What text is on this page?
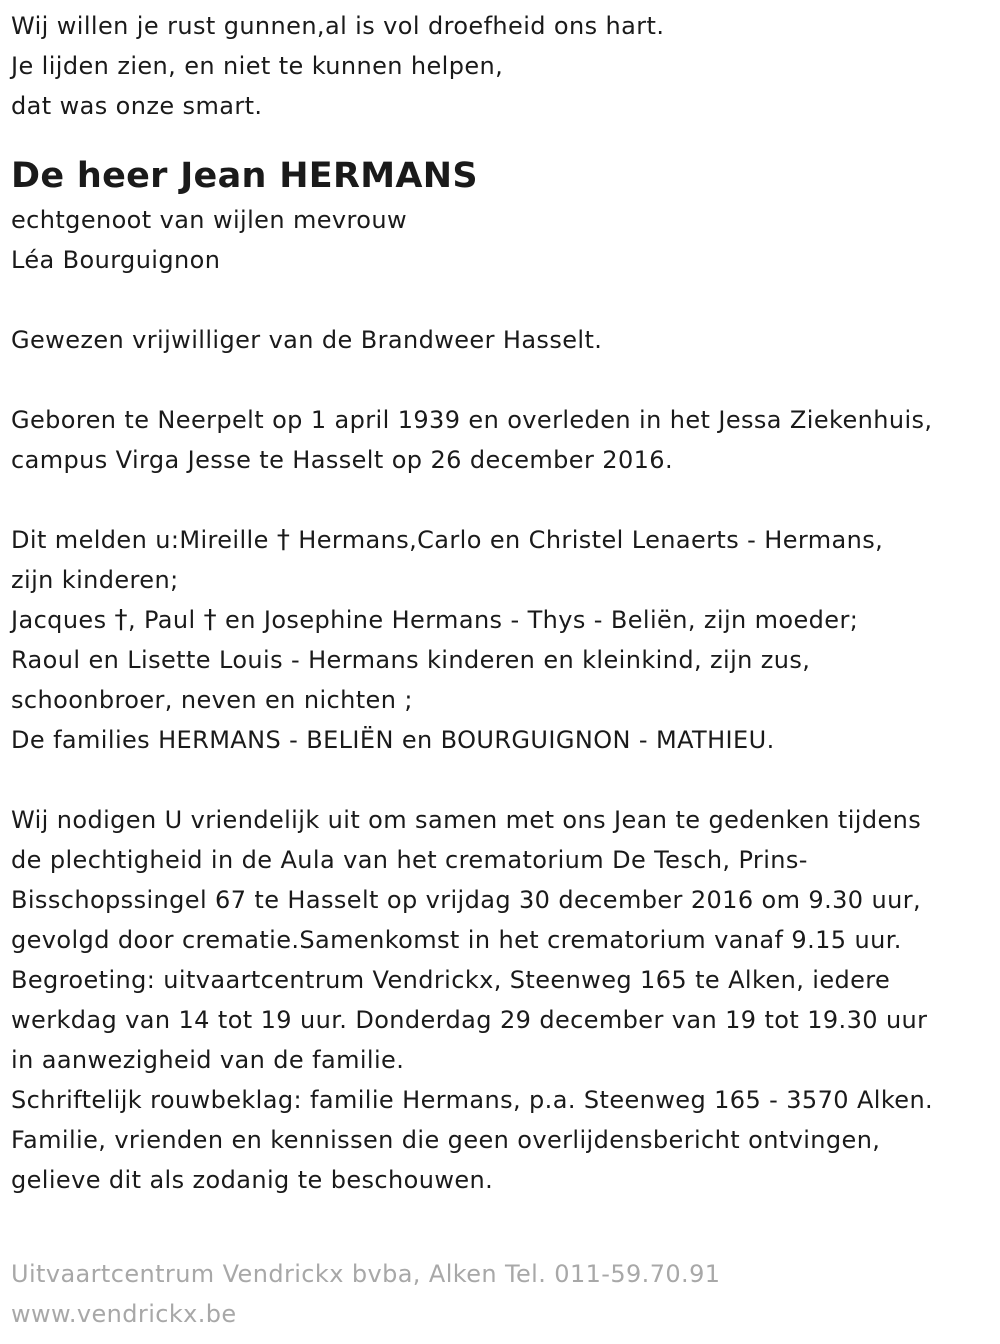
Wij willen je rust gunnen,al is vol droefheid ons hart.
Je lijden zien, en niet te kunnen helpen,
dat was onze smart.
De heer Jean HERMANS
echtgenoot van wijlen mevrouw
Léa Bourguignon
Gewezen vrijwilliger van de Brandweer Hasselt.
Geboren te Neerpelt op 1 april 1939 en overleden in het Jessa Ziekenhuis,
campus Virga Jesse te Hasselt op 26 december 2016.
Dit melden u:Mireille † Hermans,Carlo en Christel Lenaerts - Hermans,
zijn kinderen;
Jacques †, Paul † en Josephine Hermans - Thys - Beliën, zijn moeder;
Raoul en Lisette Louis - Hermans kinderen en kleinkind, zijn zus,
schoonbroer, neven en nichten ;
De families HERMANS - BELIËN en BOURGUIGNON - MATHIEU.
Wij nodigen U vriendelijk uit om samen met ons Jean te gedenken tijdens
de plechtigheid in de Aula van het crematorium De Tesch, Prins-
Bisschopssingel 67 te Hasselt op vrijdag 30 december 2016 om 9.30 uur,
gevolgd door crematie.Samenkomst in het crematorium vanaf 9.15 uur.
Begroeting: uitvaartcentrum Vendrickx, Steenweg 165 te Alken, iedere
werkdag van 14 tot 19 uur. Donderdag 29 december van 19 tot 19.30 uur
in aanwezigheid van de familie.
Schriftelijk rouwbeklag: familie Hermans, p.a. Steenweg 165 - 3570 Alken.
Familie, vrienden en kennissen die geen overlijdensbericht ontvingen,
gelieve dit als zodanig te beschouwen.
Uitvaartcentrum Vendrickx bvba, Alken Tel. 011-59.70.91
www.vendrickx.be
